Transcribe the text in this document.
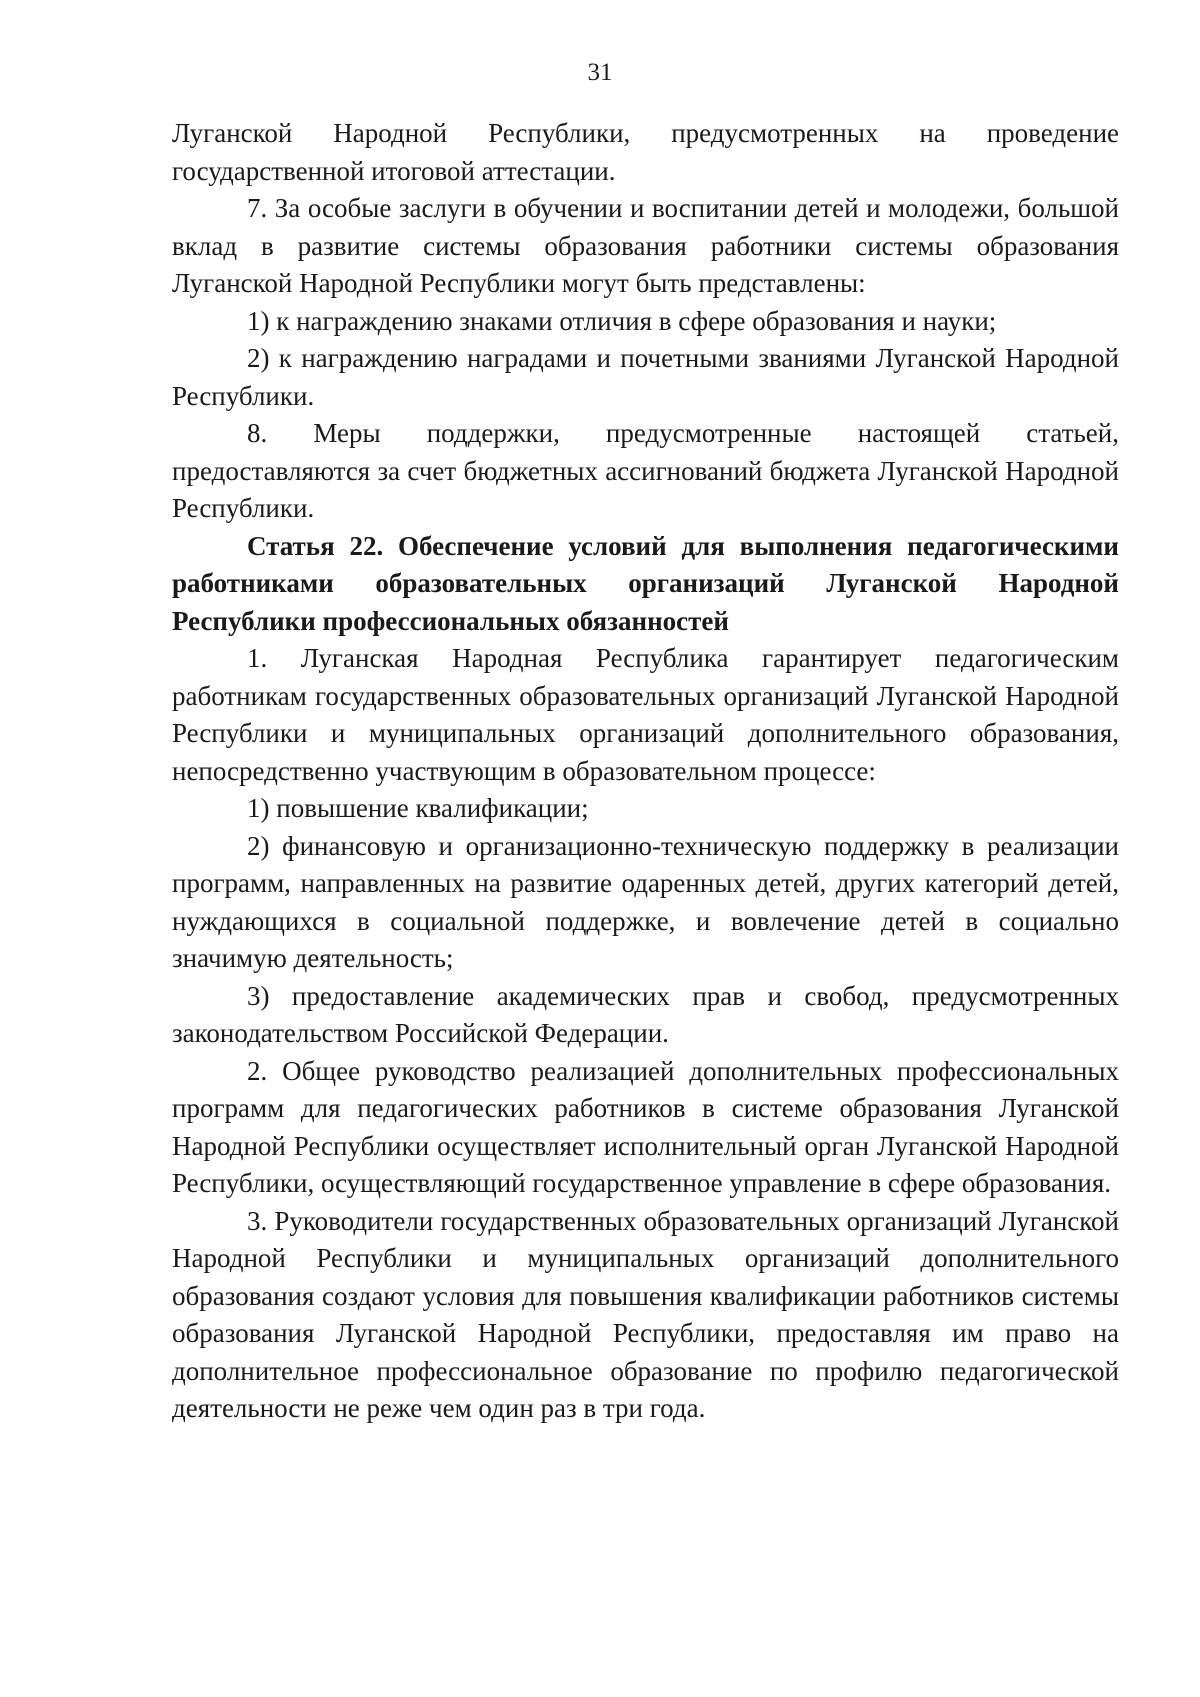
31

Луганской Народной Республики, предусмотренных на проведение государственной итоговой аттестации.

7. За особые заслуги в обучении и воспитании детей и молодежи, большой вклад в развитие системы образования работники системы образования Луганской Народной Республики могут быть представлены:

1) к награждению знаками отличия в сфере образования и науки;

2) к награждению наградами и почетными званиями Луганской Народной Республики.

8. Меры поддержки, предусмотренные настоящей статьей, предоставляются за счет бюджетных ассигнований бюджета Луганской Народной Республики.

Статья 22. Обеспечение условий для выполнения педагогическими работниками образовательных организаций Луганской Народной Республики профессиональных обязанностей

1. Луганская Народная Республика гарантирует педагогическим работникам государственных образовательных организаций Луганской Народной Республики и муниципальных организаций дополнительного образования, непосредственно участвующим в образовательном процессе:

1) повышение квалификации;

2) финансовую и организационно-техническую поддержку в реализации программ, направленных на развитие одаренных детей, других категорий детей, нуждающихся в социальной поддержке, и вовлечение детей в социально значимую деятельность;

3) предоставление академических прав и свобод, предусмотренных законодательством Российской Федерации.

2. Общее руководство реализацией дополнительных профессиональных программ для педагогических работников в системе образования Луганской Народной Республики осуществляет исполнительный орган Луганской Народной Республики, осуществляющий государственное управление в сфере образования.

3. Руководители государственных образовательных организаций Луганской Народной Республики и муниципальных организаций дополнительного образования создают условия для повышения квалификации работников системы образования Луганской Народной Республики, предоставляя им право на дополнительное профессиональное образование по профилю педагогической деятельности не реже чем один раз в три года.
